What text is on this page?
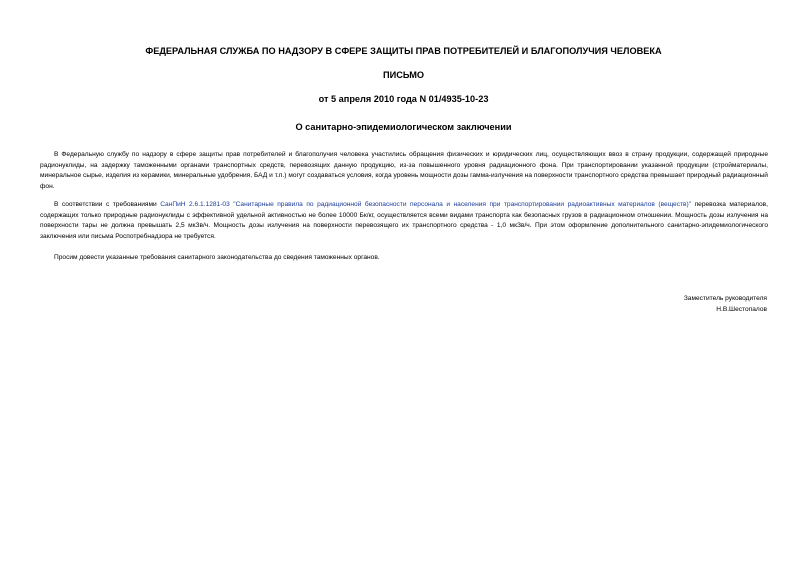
ФЕДЕРАЛЬНАЯ СЛУЖБА ПО НАДЗОРУ В СФЕРЕ ЗАЩИТЫ ПРАВ ПОТРЕБИТЕЛЕЙ И БЛАГОПОЛУЧИЯ ЧЕЛОВЕКА
ПИСЬМО
от 5 апреля 2010 года N 01/4935-10-23
О санитарно-эпидемиологическом заключении

В Федеральную службу по надзору в сфере защиты прав потребителей и благополучия человека участились обращения физических и юридических лиц, осуществляющих ввоз в страну продукции, содержащей природные радионуклиды, на задержку таможенными органами транспортных средств, перевозящих данную продукцию, из-за повышенного уровня радиационного фона. При транспортировании указанной продукции (стройматериалы, минеральное сырье, изделия из керамики, минеральные удобрения, БАД и т.п.) могут создаваться условия, когда уровень мощности дозы гамма-излучения на поверхности транспортного средства превышает природный радиационный фон.

В соответствии с требованиями СанПиН 2.6.1.1281-03 "Санитарные правила по радиационной безопасности персонала и населения при транспортировании радиоактивных материалов (веществ)" перевозка материалов, содержащих только природные радионуклиды с эффективной удельной активностью не более 10000 Бк/кг, осуществляется всеми видами транспорта как безопасных грузов в радиационном отношении. Мощность дозы излучения на поверхности тары не должна превышать 2,5 мкЗв/ч. Мощность дозы излучения на поверхности перевозящего их транспортного средства - 1,0 мкЗв/ч. При этом оформление дополнительного санитарно-эпидемиологического заключения или письма Роспотребнадзора не требуется.

Просим довести указанные требования санитарного законодательства до сведения таможенных органов.

Заместитель руководителя
Н.В.Шестопалов
